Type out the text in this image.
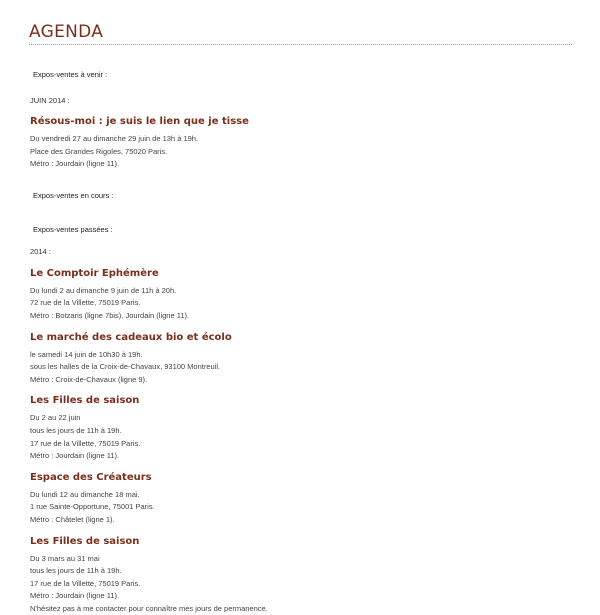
AGENDA
Expos-ventes à venir :
JUIN 2014 :
Résous-moi : je suis le lien que je tisse
Du vendredi 27 au dimanche 29 juin de 13h à 19h.
Place des Grandes Rigoles, 75020 Paris.
Métro : Jourdain (ligne 11).
Expos-ventes en cours :
Expos-ventes passées :
2014 :
Le Comptoir Ephémère
Du lundi 2 au dimanche 9 juin de 11h à 20h.
72 rue de la Villette, 75019 Paris.
Métro : Botzaris (ligne 7bis), Jourdain (ligne 11).
Le marché des cadeaux bio et écolo
le samedi 14 juin de 10h30 à 19h.
sous les halles de la Croix-de-Chavaux, 93100 Montreuil.
Métro : Croix-de-Chavaux (ligne 9).
Les Filles de saison
Du 2 au 22 juin
tous les jours de 11h à 19h.
17 rue de la Villette, 75019 Paris.
Métro : Jourdain (ligne 11).
Espace des Créateurs
Du lundi 12 au dimanche 18 mai.
1 rue Sainte-Opportune, 75001 Paris.
Métro : Châtelet (ligne 1).
Les Filles de saison
Du 3 mars au 31 mai
tous les jours de 11h à 19h.
17 rue de la Villette, 75019 Paris.
Métro : Jourdain (ligne 11).
N'hésitez pas à me contacter pour connaître mes jours de permanence.
